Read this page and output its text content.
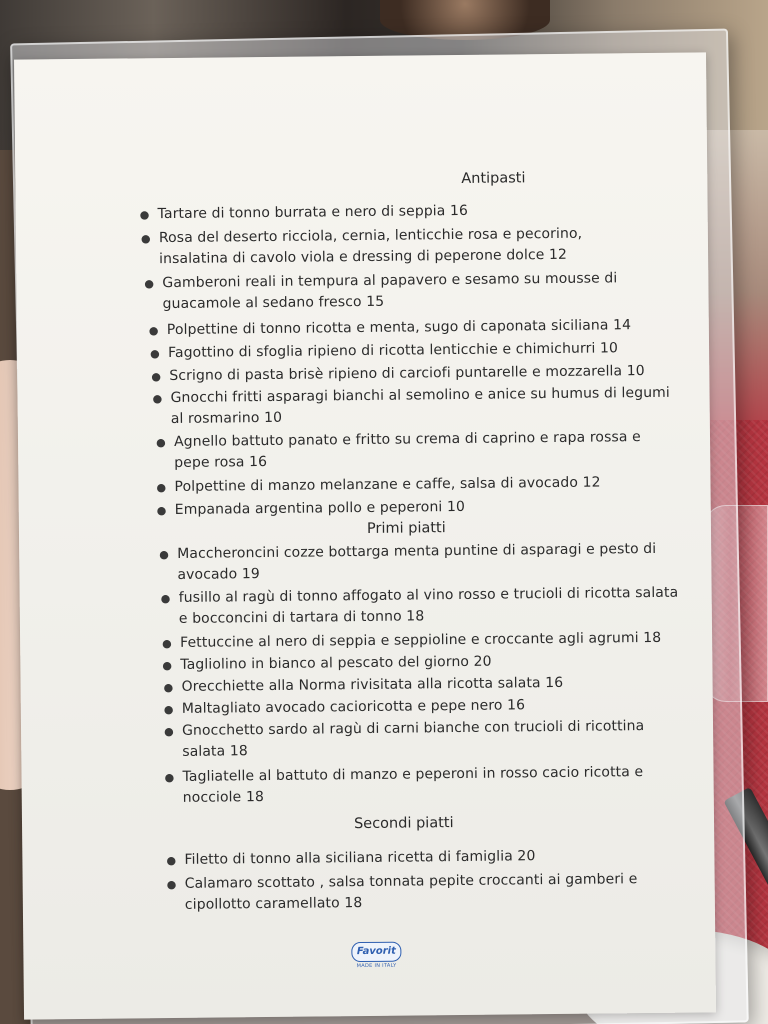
Antipasti
● Tartare di tonno burrata e nero di seppia 16
● Rosa del deserto ricciola, cernia, lenticchie rosa e pecorino,
insalatina di cavolo viola e dressing di peperone dolce 12
● Gamberoni reali in tempura al papavero e sesamo su mousse di
guacamole al sedano fresco 15
● Polpettine di tonno ricotta e menta, sugo di caponata siciliana 14
● Fagottino di sfoglia ripieno di ricotta lenticchie e chimichurri 10
● Scrigno di pasta brisè ripieno di carciofi puntarelle e mozzarella 10
● Gnocchi fritti asparagi bianchi al semolino e anice su humus di legumi
al rosmarino 10
● Agnello battuto panato e fritto su crema di caprino e rapa rossa e
pepe rosa 16
● Polpettine di manzo melanzane e caffe, salsa di avocado 12
● Empanada argentina pollo e peperoni 10
Primi piatti
● Maccheroncini cozze bottarga menta puntine di asparagi e pesto di
avocado 19
● fusillo al ragù di tonno affogato al vino rosso e trucioli di ricotta salata
e bocconcini di tartara di tonno 18
● Fettuccine al nero di seppia e seppioline e croccante agli agrumi 18
● Tagliolino in bianco al pescato del giorno 20
● Orecchiette alla Norma rivisitata alla ricotta salata 16
● Maltagliato avocado cacioricotta e pepe nero 16
● Gnocchetto sardo al ragù di carni bianche con trucioli di ricottina
salata 18
● Tagliatelle al battuto di manzo e peperoni in rosso cacio ricotta e
nocciole 18
Secondi piatti
● Filetto di tonno alla siciliana ricetta di famiglia 20
● Calamaro scottato , salsa tonnata pepite croccanti ai gamberi e
cipollotto caramellato 18
Favorit
MADE IN ITALY
